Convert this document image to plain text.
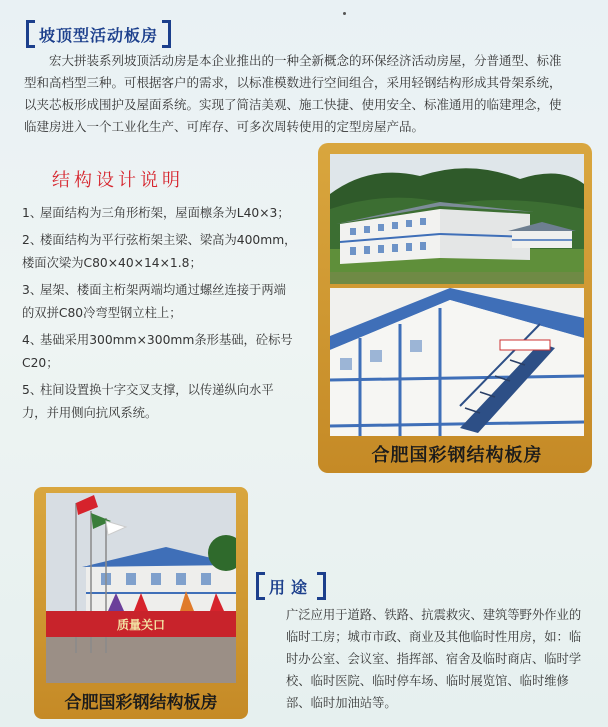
坡顶型活动板房
宏大拼装系列坡顶活动房是本企业推出的一种全新概念的环保经济活动房屋，分普通型、标准型和高档型三种。可根据客户的需求，以标准模数进行空间组合，采用轻钢结构形成其骨架系统，以夹芯板形成围护及屋面系统。实现了简洁美观、施工快捷、使用安全、标准通用的临建理念，使临建房进入一个工业化生产、可库存、可多次周转使用的定型房屋产品。
结构设计说明
1、屋面结构为三角形桁架，屋面檩条为L40×3；
2、楼面结构为平行弦桁架主梁、梁高为400mm，楼面次梁为C80×40×14×1.8；
3、屋架、楼面主桁架两端均通过螺丝连接于两端的双拼C80冷弯型钢立柱上；
4、基础采用300mm×300mm条形基础，砼标号C20；
5、柱间设置换十字交叉支撑，以传递纵向水平力，并用侧向抗风系统。
合肥国彩钢结构板房
质量关口
合肥国彩钢结构板房
用途
广泛应用于道路、铁路、抗震救灾、建筑等野外作业的临时工房；城市市政、商业及其他临时性用房，如：临时办公室、会议室、指挥部、宿舍及临时商店、临时学校、临时医院、临时停车场、临时展览馆、临时维修部、临时加油站等。
